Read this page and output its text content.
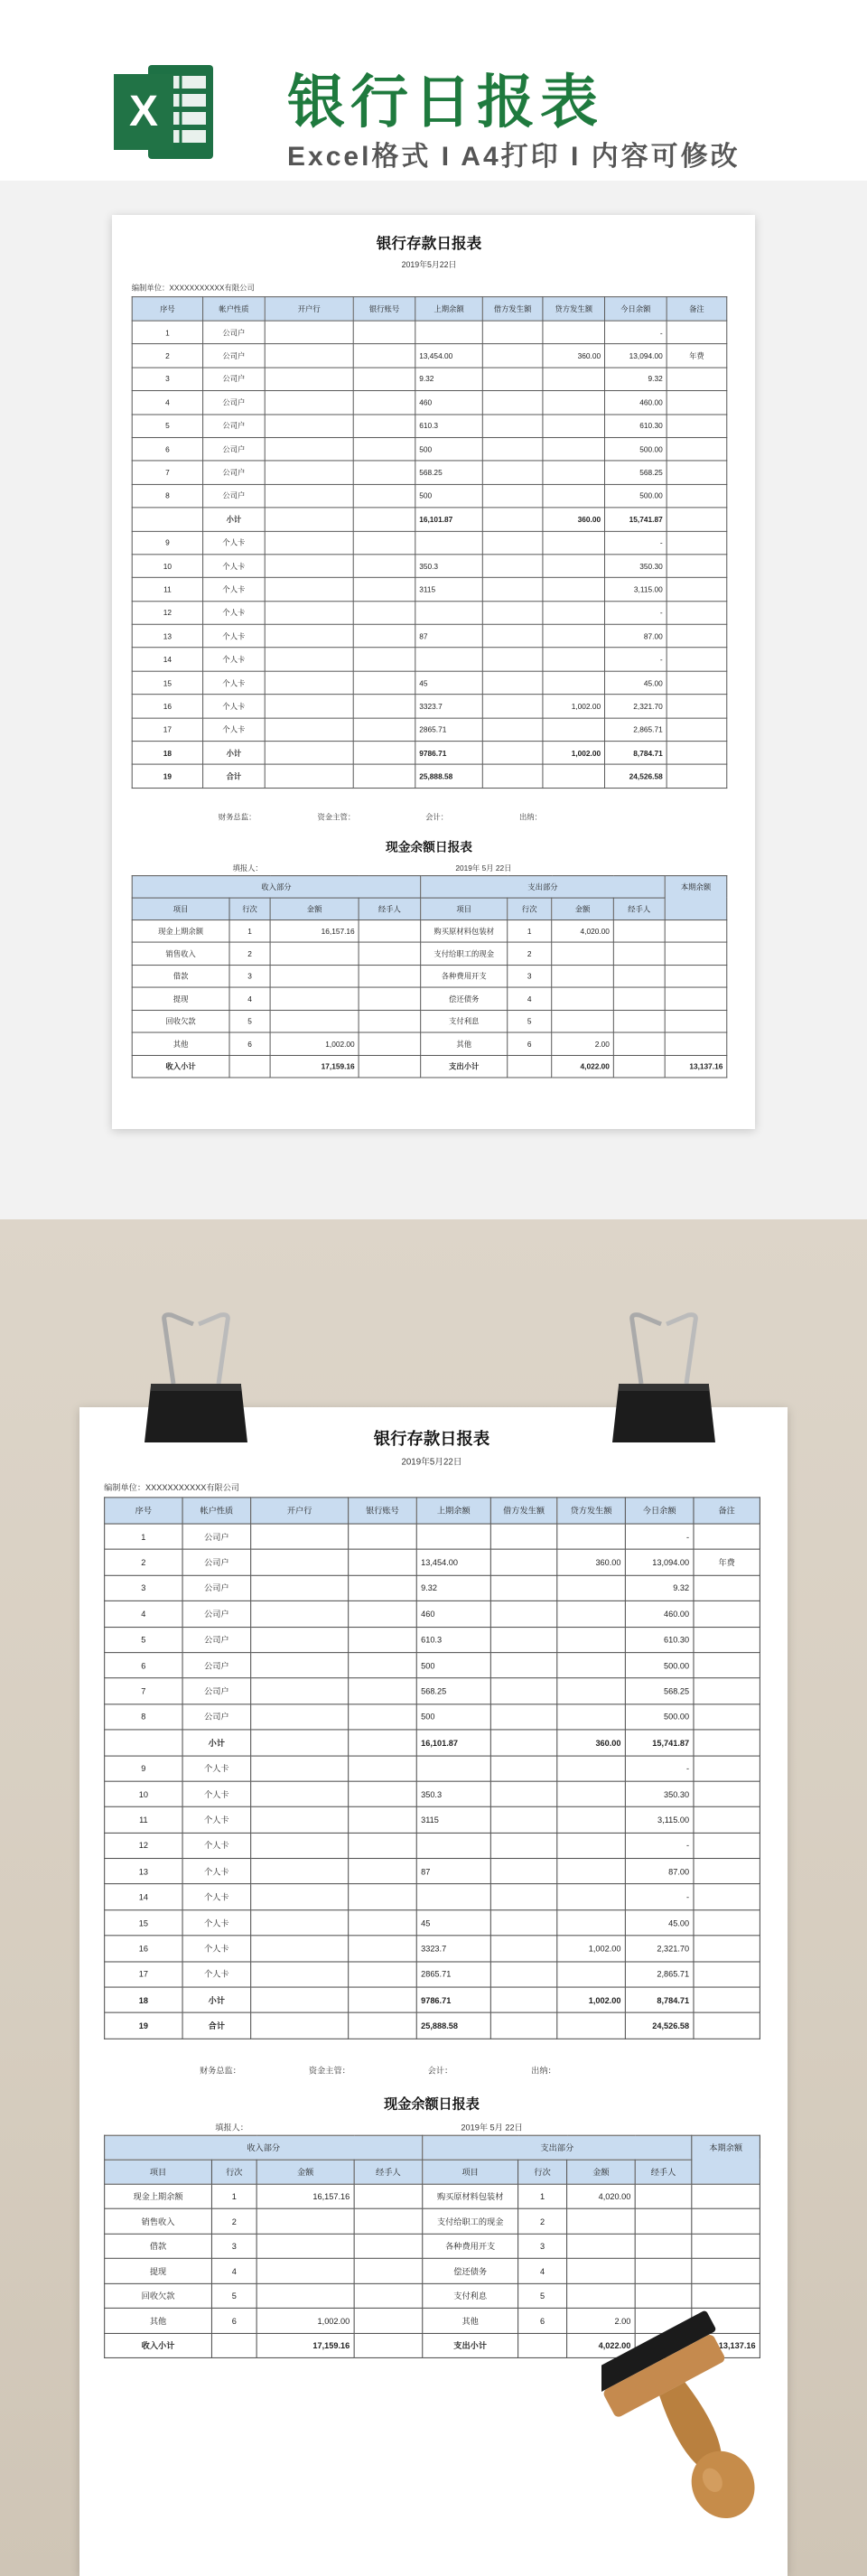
X 银行日报表
Excel格式 I A4打印 I 内容可修改
银行存款日报表
2019年5月22日
编制单位：XXXXXXXXXXX有限公司
序号	帐户性质	开户行	银行账号	上期余额	借方发生额	贷方发生额	今日余额	备注
1	公司户						-	
2	公司户			13,454.00		360.00	13,094.00	年费
3	公司户			9.32			9.32	
4	公司户			460			460.00	
5	公司户			610.3			610.30	
6	公司户			500			500.00	
7	公司户			568.25			568.25	
8	公司户			500			500.00	
	小计			16,101.87		360.00	15,741.87	
9	个人卡						-	
10	个人卡			350.3			350.30	
11	个人卡			3115			3,115.00	
12	个人卡						-	
13	个人卡			87			87.00	
14	个人卡						-	
15	个人卡			45			45.00	
16	个人卡			3323.7		1,002.00	2,321.70	
17	个人卡			2865.71			2,865.71	
18	小计			9786.71		1,002.00	8,784.71	
19	合计			25,888.58			24,526.58	
财务总监：	资金主管：	会计：	出纳：
现金余额日报表
填报人：	2019年 5月 22日
收入部分				支出部分				本期余额
项目	行次	金额	经手人	项目	行次	金额	经手人	
现金上期余额	1	16,157.16		购买原材料包装材	1	4,020.00		
销售收入	2			支付给职工的现金	2			
借款	3			各种费用开支	3			
提现	4			偿还债务	4			
回收欠款	5			支付利息	5			
其他	6	1,002.00		其他	6	2.00		
收入小计		17,159.16		支出小计		4,022.00		13,137.16
银行存款日报表
2019年5月22日
编制单位：XXXXXXXXXXX有限公司
序号	帐户性质	开户行	银行账号	上期余额	借方发生额	贷方发生额	今日余额	备注
1	公司户						-	
2	公司户			13,454.00		360.00	13,094.00	年费
3	公司户			9.32			9.32	
4	公司户			460			460.00	
5	公司户			610.3			610.30	
6	公司户			500			500.00	
7	公司户			568.25			568.25	
8	公司户			500			500.00	
	小计			16,101.87		360.00	15,741.87	
9	个人卡						-	
10	个人卡			350.3			350.30	
11	个人卡			3115			3,115.00	
12	个人卡						-	
13	个人卡			87			87.00	
14	个人卡						-	
15	个人卡			45			45.00	
16	个人卡			3323.7		1,002.00	2,321.70	
17	个人卡			2865.71			2,865.71	
18	小计			9786.71		1,002.00	8,784.71	
19	合计			25,888.58			24,526.58	
财务总监：	资金主管：	会计：	出纳：
现金余额日报表
填报人：	2019年 5月 22日
收入部分				支出部分				本期余额
项目	行次	金额	经手人	项目	行次	金额	经手人	
现金上期余额	1	16,157.16		购买原材料包装材	1	4,020.00		
销售收入	2			支付给职工的现金	2			
借款	3			各种费用开支	3			
提现	4			偿还债务	4			
回收欠款	5			支付利息	5			
其他	6	1,002.00		其他	6	2.00		
收入小计		17,159.16		支出小计		4,022.00		13,137.16
